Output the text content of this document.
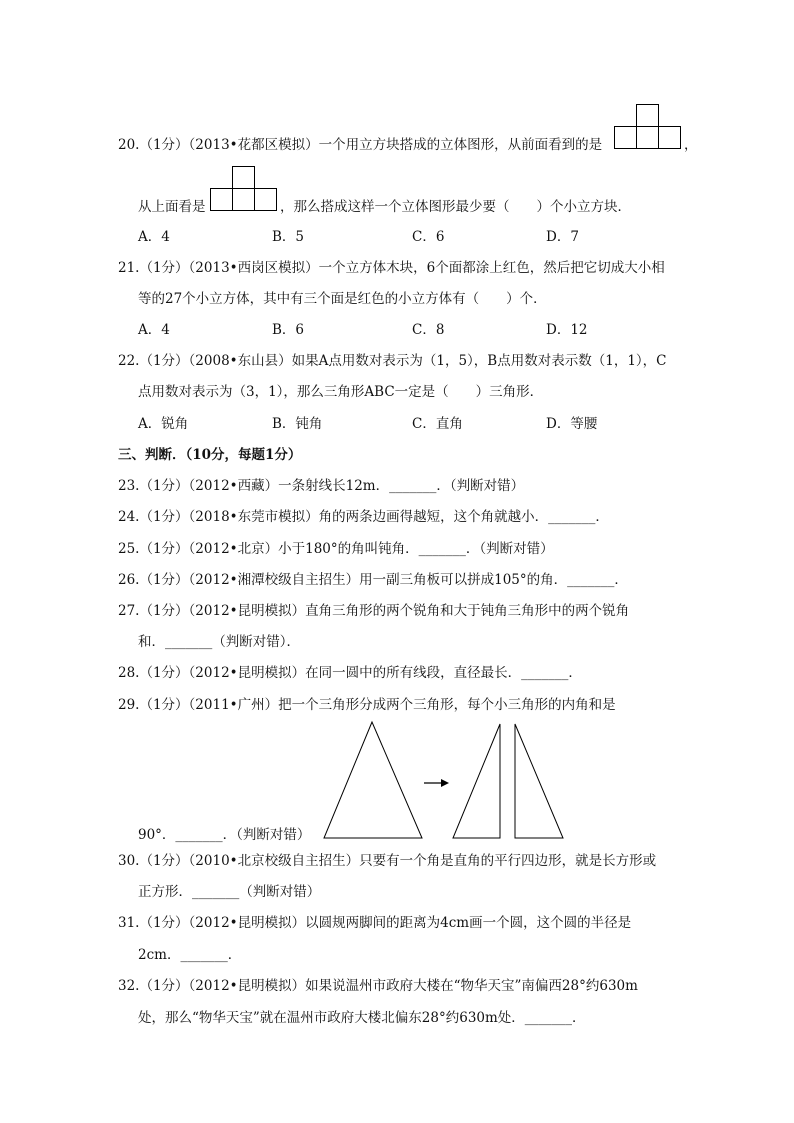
20.（1分）（2013•花都区模拟）一个用立方块搭成的立体图形，从前面看到的是	，
从上面看是	，那么搭成这样一个立体图形最少要（　　）个小立方块．
A．4	B．5	C．6	D．7
21.（1分）（2013•西岗区模拟）一个立方体木块，6个面都涂上红色，然后把它切成大小相
等的27个小立方体，其中有三个面是红色的小立方体有（　　）个．
A．4	B．6	C．8	D．12
22.（1分）（2008•东山县）如果A点用数对表示为（1，5），B点用数对表示数（1，1），C
点用数对表示为（3，1），那么三角形ABC一定是（　　）三角形．
A．锐角	B．钝角	C．直角	D．等腰
三、判断．（10分，每题1分）
23.（1分）（2012•西藏）一条射线长12m．_______．（判断对错）
24.（1分）（2018•东莞市模拟）角的两条边画得越短，这个角就越小．_______．
25.（1分）（2012•北京）小于180°的角叫钝角．_______．（判断对错）
26.（1分）（2012•湘潭校级自主招生）用一副三角板可以拼成105°的角．_______．
27.（1分）（2012•昆明模拟）直角三角形的两个锐角和大于钝角三角形中的两个锐角
和．_______（判断对错）．
28.（1分）（2012•昆明模拟）在同一圆中的所有线段，直径最长．_______．
29.（1分）（2011•广州）把一个三角形分成两个三角形，每个小三角形的内角和是
90°．_______．（判断对错）
30.（1分）（2010•北京校级自主招生）只要有一个角是直角的平行四边形，就是长方形或
正方形．_______（判断对错）
31.（1分）（2012•昆明模拟）以圆规两脚间的距离为4cm画一个圆，这个圆的半径是
2cm．_______．
32.（1分）（2012•昆明模拟）如果说温州市政府大楼在“物华天宝”南偏西28°约630m
处，那么“物华天宝”就在温州市政府大楼北偏东28°约630m处．_______．
